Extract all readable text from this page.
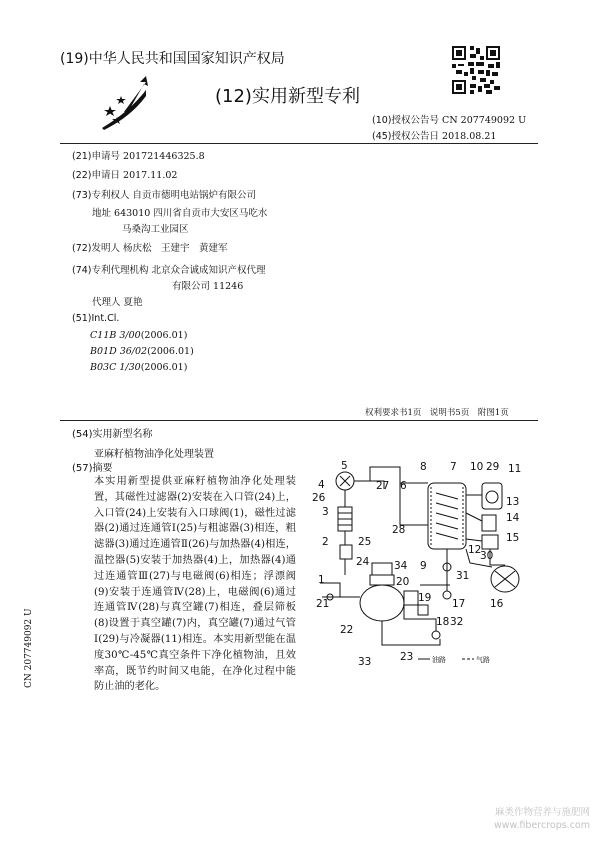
(19)中华人民共和国国家知识产权局
(12)实用新型专利
(10)授权公告号 CN 207749092 U
(45)授权公告日 2018.08.21
(21)申请号 201721446325.8
(22)申请日 2017.11.02
(73)专利权人 自贡市德明电站锅炉有限公司
地址 643010 四川省自贡市大安区马吃水
马桑沟工业园区
(72)发明人 杨庆松　王建宇　黄建军
(74)专利代理机构 北京众合诚成知识产权代理
有限公司 11246
代理人 夏艳
(51)Int.Cl.
C11B 3/00(2006.01)
B01D 36/02(2006.01)
B03C 1/30(2006.01)
权利要求书1页　说明书5页　附图1页
(54)实用新型名称
亚麻籽植物油净化处理装置
(57)摘要
本实用新型提供亚麻籽植物油净化处理装置，其磁性过滤器(2)安装在入口管(24)上，入口管(24)上安装有入口球阀(1)，磁性过滤器(2)通过连通管Ⅰ(25)与粗滤器(3)相连，粗滤器(3)通过连通管Ⅱ(26)与加热器(4)相连，温控器(5)安装于加热器(4)上，加热器(4)通过连通管Ⅲ(27)与电磁阀(6)相连；浮漂阀(9)安装于连通管Ⅳ(28)上，电磁阀(6)通过连通管Ⅳ(28)与真空罐(7)相连，叠层筛板(8)设置于真空罐(7)内，真空罐(7)通过气管Ⅰ(29)与冷凝器(11)相连。本实用新型能在温度30℃-45℃真空条件下净化植物油，且效率高，既节约时间又电能，在净化过程中能防止油的老化。
4
26
5
27 6
8 7 10 29 11
3
2	25
28
12
13
14
15
30
31
9
24 34
20
1
21	19 17 16
32
18
22
33	23	油路	气路
CN 207749092 U
麻类作物营养与施肥网
www.fibercrops.com
